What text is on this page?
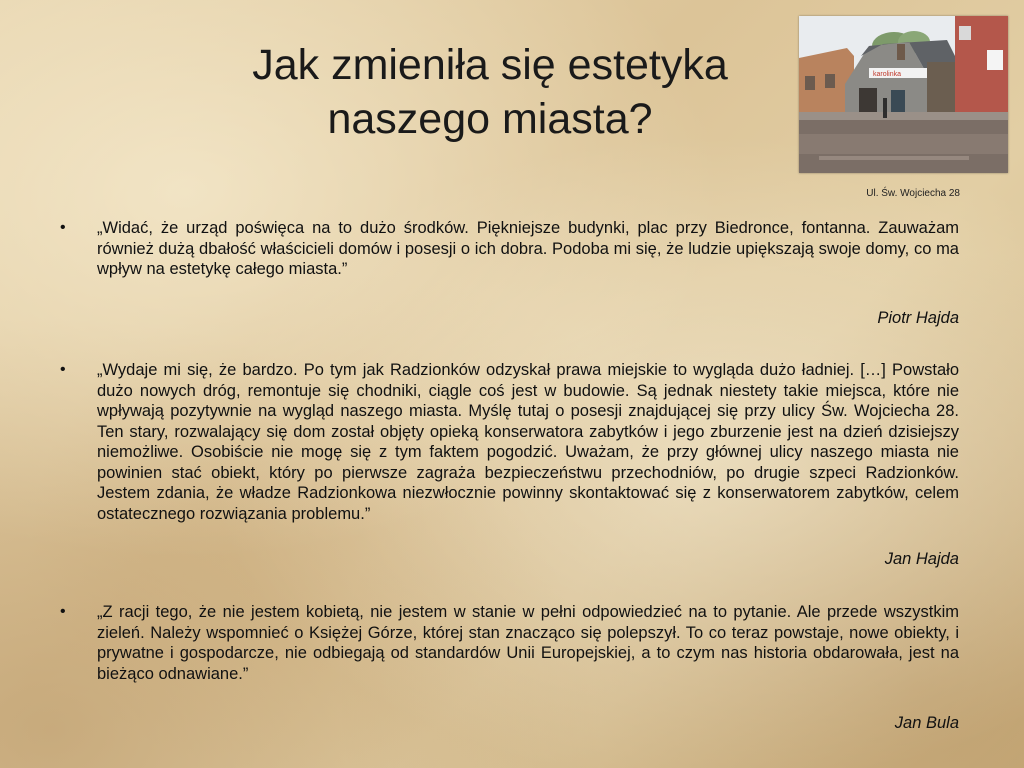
Jak zmieniła się estetyka
naszego miasta?
karolinka
Ul. Św. Wojciecha 28
• „Widać, że urząd poświęca na to dużo środków. Piękniejsze budynki, plac przy Biedronce, fontanna. Zauważam również dużą dbałość właścicieli domów i posesji o ich dobra. Podoba mi się, że ludzie upiększają swoje domy, co ma wpływ na estetykę całego miasta.”
Piotr Hajda
• „Wydaje mi się, że bardzo. Po tym jak Radzionków odzyskał prawa miejskie to wygląda dużo ładniej. […] Powstało dużo nowych dróg, remontuje się chodniki, ciągle coś jest w budowie. Są jednak niestety takie miejsca, które nie wpływają pozytywnie na wygląd naszego miasta. Myślę tutaj o posesji znajdującej się przy ulicy Św. Wojciecha 28. Ten stary, rozwalający się dom został objęty opieką konserwatora zabytków i jego zburzenie jest na dzień dzisiejszy niemożliwe. Osobiście nie mogę się z tym faktem pogodzić. Uważam, że przy głównej ulicy naszego miasta nie powinien stać obiekt, który po pierwsze zagraża bezpieczeństwu przechodniów, po drugie szpeci Radzionków. Jestem zdania, że władze Radzionkowa niezwłocznie powinny skontaktować się z konserwatorem zabytków, celem ostatecznego rozwiązania problemu.”
Jan Hajda
• „Z racji tego, że nie jestem kobietą, nie jestem w stanie w pełni odpowiedzieć na to pytanie. Ale przede wszystkim zieleń. Należy wspomnieć o Księżej Górze, której stan znacząco się polepszył. To co teraz powstaje, nowe obiekty, i prywatne i gospodarcze, nie odbiegają od standardów Unii Europejskiej, a to czym nas historia obdarowała, jest na bieżąco odnawiane.”
Jan Bula
